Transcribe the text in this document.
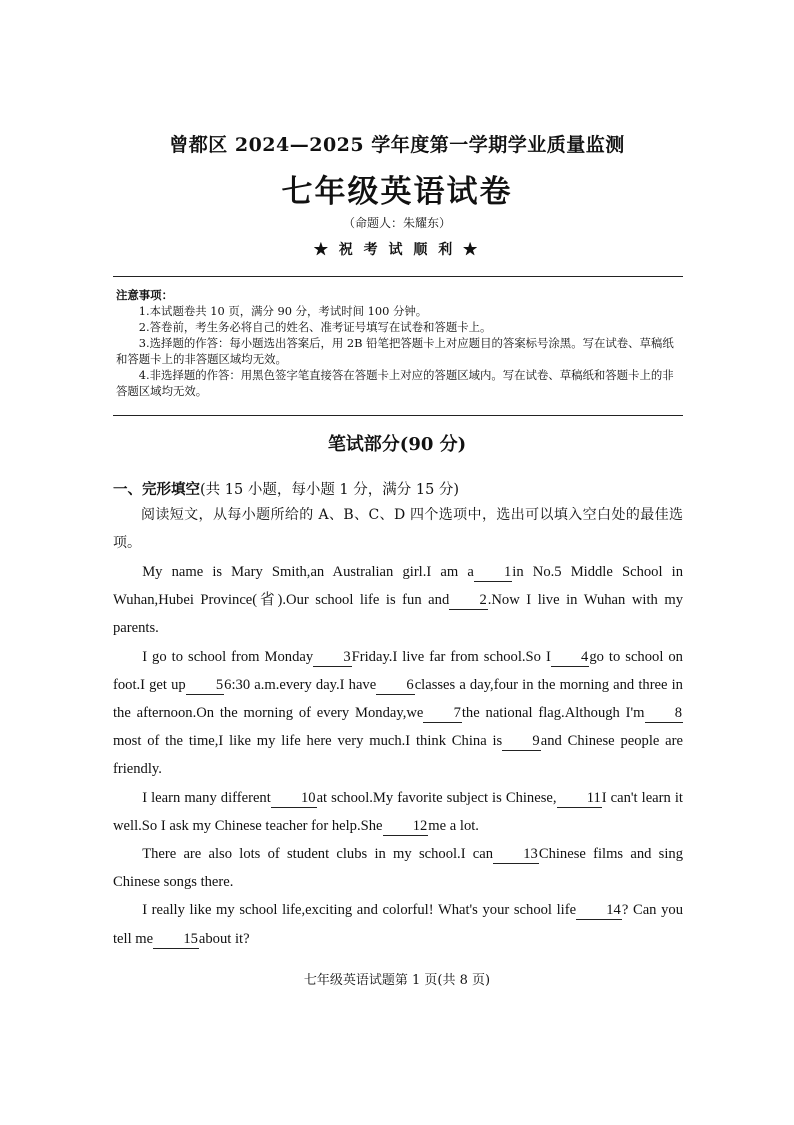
曾都区 2024—2025 学年度第一学期学业质量监测
七年级英语试卷
（命题人：朱耀东）
★ 祝 考 试 顺 利 ★
注意事项：
1.本试题卷共 10 页，满分 90 分，考试时间 100 分钟。
2.答卷前，考生务必将自己的姓名、准考证号填写在试卷和答题卡上。
3.选择题的作答：每小题选出答案后，用 2B 铅笔把答题卡上对应题目的答案标号涂黑。写在试卷、草稿纸和答题卡上的非答题区域均无效。
4.非选择题的作答：用黑色签字笔直接答在答题卡上对应的答题区域内。写在试卷、草稿纸和答题卡上的非答题区域均无效。
笔试部分(90 分)
一、完形填空(共 15 小题，每小题 1 分，满分 15 分)

阅读短文，从每小题所给的 A、B、C、D 四个选项中，选出可以填入空白处的最佳选项。

My name is Mary Smith,an Australian girl.I am a 1in No.5 Middle School in Wuhan,Hubei Province(省).Our school life is fun and 2.Now I live in Wuhan with my parents.

I go to school from Monday 3Friday.I live far from school.So I 4go to school on foot.I get up 56:30 a.m.every day.I have 6classes a day,four in the morning and three in the afternoon.On the morning of every Monday,we 7the national flag.Although I'm 8most of the time,I like my life here very much.I think China is 9and Chinese people are friendly.

I learn many different 10at school.My favorite subject is Chinese, 11I can't learn it well.So I ask my Chinese teacher for help.She 12me a lot.

There are also lots of student clubs in my school.I can 13Chinese films and sing Chinese songs there.

I really like my school life,exciting and colorful! What's your school life 14? Can you tell me 15about it?

七年级英语试题第 1 页(共 8 页)
